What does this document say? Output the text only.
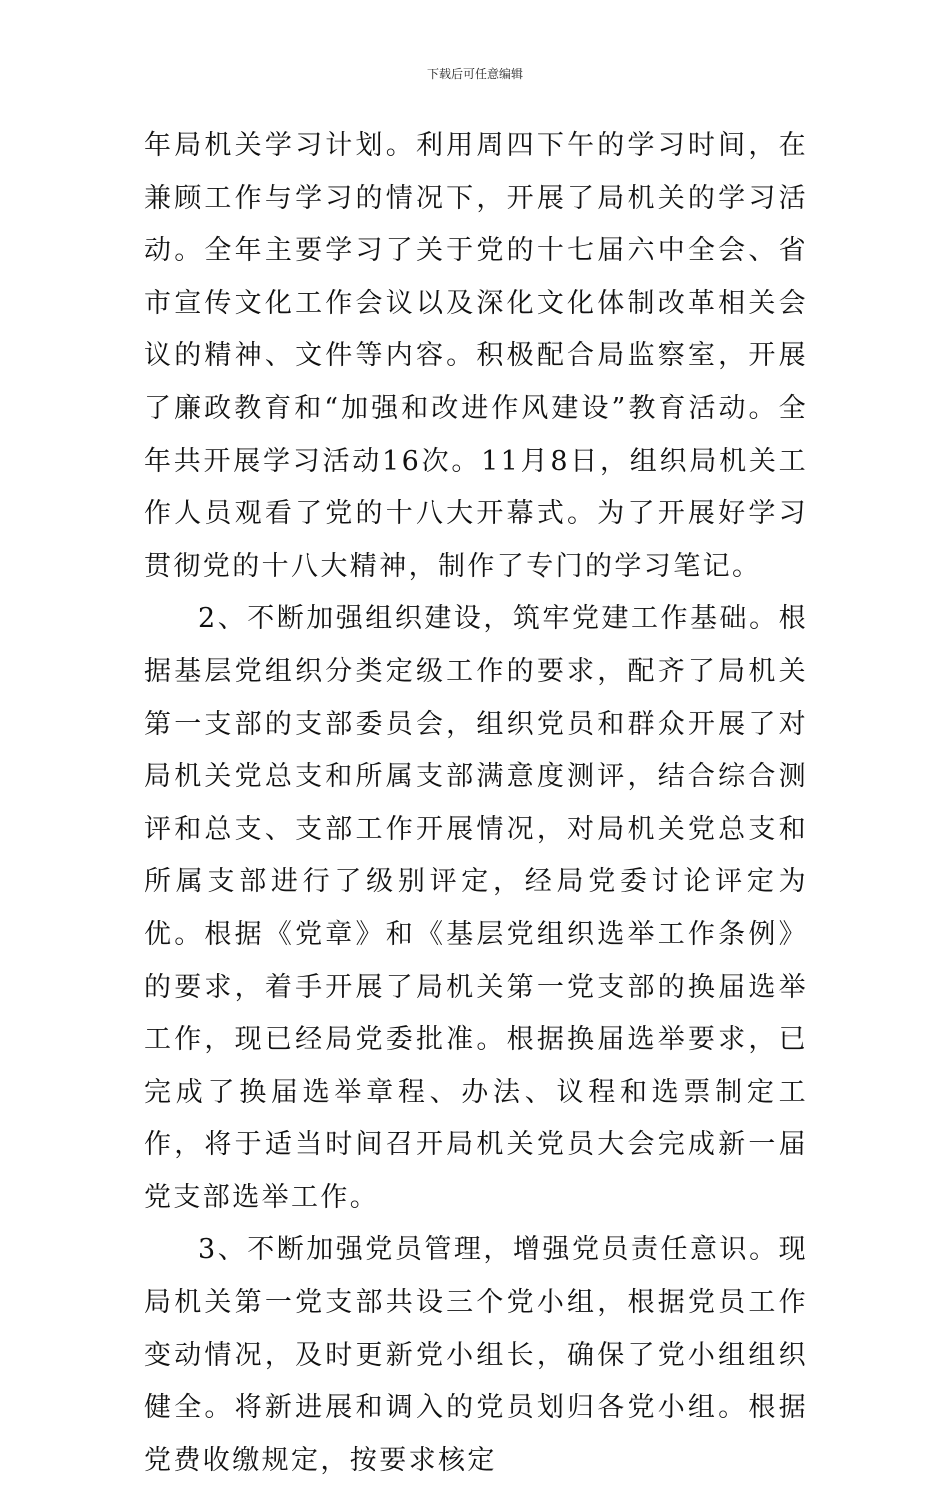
下载后可任意编辑

年局机关学习计划。利用周四下午的学习时间，在兼顾工作与学习的情况下，开展了局机关的学习活动。全年主要学习了关于党的十七届六中全会、省市宣传文化工作会议以及深化文化体制改革相关会议的精神、文件等内容。积极配合局监察室，开展了廉政教育和“加强和改进作风建设”教育活动。全年共开展学习活动16次。11月8日，组织局机关工作人员观看了党的十八大开幕式。为了开展好学习贯彻党的十八大精神，制作了专门的学习笔记。

2、不断加强组织建设，筑牢党建工作基础。根据基层党组织分类定级工作的要求，配齐了局机关第一支部的支部委员会，组织党员和群众开展了对局机关党总支和所属支部满意度测评，结合综合测评和总支、支部工作开展情况，对局机关党总支和所属支部进行了级别评定，经局党委讨论评定为优。根据《党章》和《基层党组织选举工作条例》的要求，着手开展了局机关第一党支部的换届选举工作，现已经局党委批准。根据换届选举要求，已完成了换届选举章程、办法、议程和选票制定工作，将于适当时间召开局机关党员大会完成新一届党支部选举工作。

3、不断加强党员管理，增强党员责任意识。现局机关第一党支部共设三个党小组，根据党员工作变动情况，及时更新党小组长，确保了党小组组织健全。将新进展和调入的党员划归各党小组。根据党费收缴规定，按要求核定
